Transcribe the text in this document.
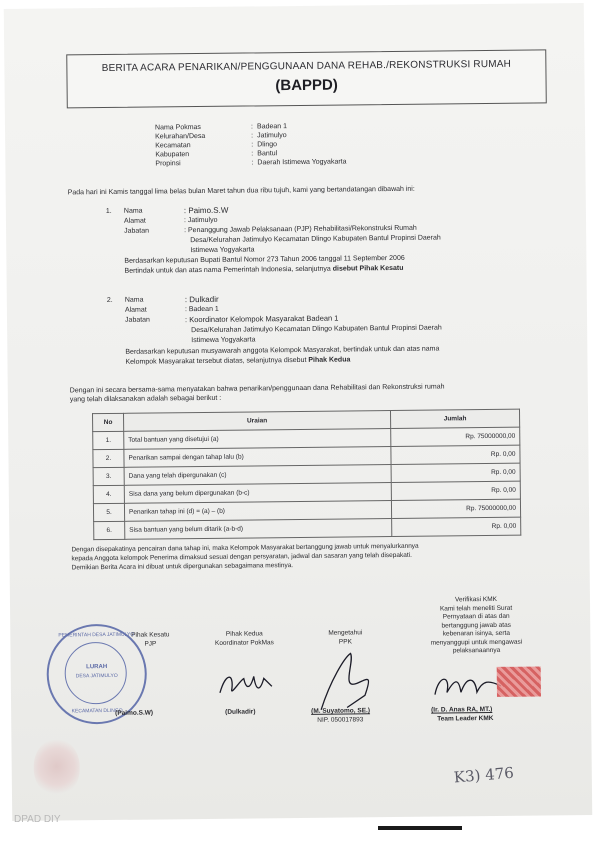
BERITA ACARA PENARIKAN/PENGGUNAAN DANA REHAB./REKONSTRUKSI RUMAH
(BAPPD)
Nama Pokmas	: Badean 1
Kelurahan/Desa	: Jatimulyo
Kecamatan	: Dlingo
Kabupaten	: Bantul
Propinsi	: Daerah Istimewa Yogyakarta
Pada hari ini Kamis tanggal lima belas bulan Maret tahun dua ribu tujuh, kami yang bertandatangan dibawah ini:
1. Nama	: Paimo.S.W
Alamat	: Jatimulyo
Jabatan	: Penanggung Jawab Pelaksanaan (PJP) Rehabilitasi/Rekonstruksi Rumah
Desa/Kelurahan Jatimulyo Kecamatan Dlingo Kabupaten Bantul Propinsi Daerah
Istimewa Yogyakarta
Berdasarkan keputusan Bupati Bantul Nomor 273 Tahun 2006 tanggal 11 September 2006
Bertindak untuk dan atas nama Pemerintah Indonesia, selanjutnya disebut Pihak Kesatu
2. Nama	: Dulkadir
Alamat	: Badean 1
Jabatan	: Koordinator Kelompok Masyarakat Badean 1
Desa/Kelurahan Jatimulyo Kecamatan Dlingo Kabupaten Bantul Propinsi Daerah
Istimewa Yogyakarta
Berdasarkan keputusan musyawarah anggota Kelompok Masyarakat, bertindak untuk dan atas nama
Kelompok Masyarakat tersebut diatas, selanjutnya disebut Pihak Kedua
Dengan ini secara bersama-sama menyatakan bahwa penarikan/penggunaan dana Rehabilitasi dan Rekonstruksi rumah
yang telah dilaksanakan adalah sebagai berikut :
No	Uraian	Jumlah
1.	Total bantuan yang disetujui (a)	Rp. 75000000,00
2.	Penarikan sampai dengan tahap lalu (b)	Rp. 0,00
3.	Dana yang telah dipergunakan (c)	Rp. 0,00
4.	Sisa dana yang belum dipergunakan (b-c)	Rp. 0,00
5.	Penarikan tahap ini (d) = (a) – (b)	Rp. 75000000,00
6.	Sisa bantuan yang belum ditarik (a-b-d)	Rp. 0,00
Dengan disepakatinya pencairan dana tahap ini, maka Kelompok Masyarakat bertanggung jawab untuk menyalurkannya
kepada Anggota kelompok Penerima dimaksud sesuai dengan persyaratan, jadwal dan sasaran yang telah disepakati.
Demikian Berita Acara ini dibuat untuk dipergunakan sebagaimana mestinya.
Verifikasi KMK
Kami telah meneliti Surat
Pernyataan di atas dan
bertanggung jawab atas
kebenaran isinya, serta
menyanggupi untuk mengawasi
pelaksanaannya
Pihak Kesatu
PJP
Pihak Kedua
Koordinator PokMas
Mengetahui
PPK
PEMERINTAH DESA JATIMULYO
LURAH
DESA JATIMULYO
KECAMATAN DLINGO
(Paimo.S.W)	(Dulkadir)	(M. Suyatomo, SE.)
NIP. 050017893
(Ir. D. Anas RA, MT.)
Team Leader KMK
K3) 476
DPAD DIY
